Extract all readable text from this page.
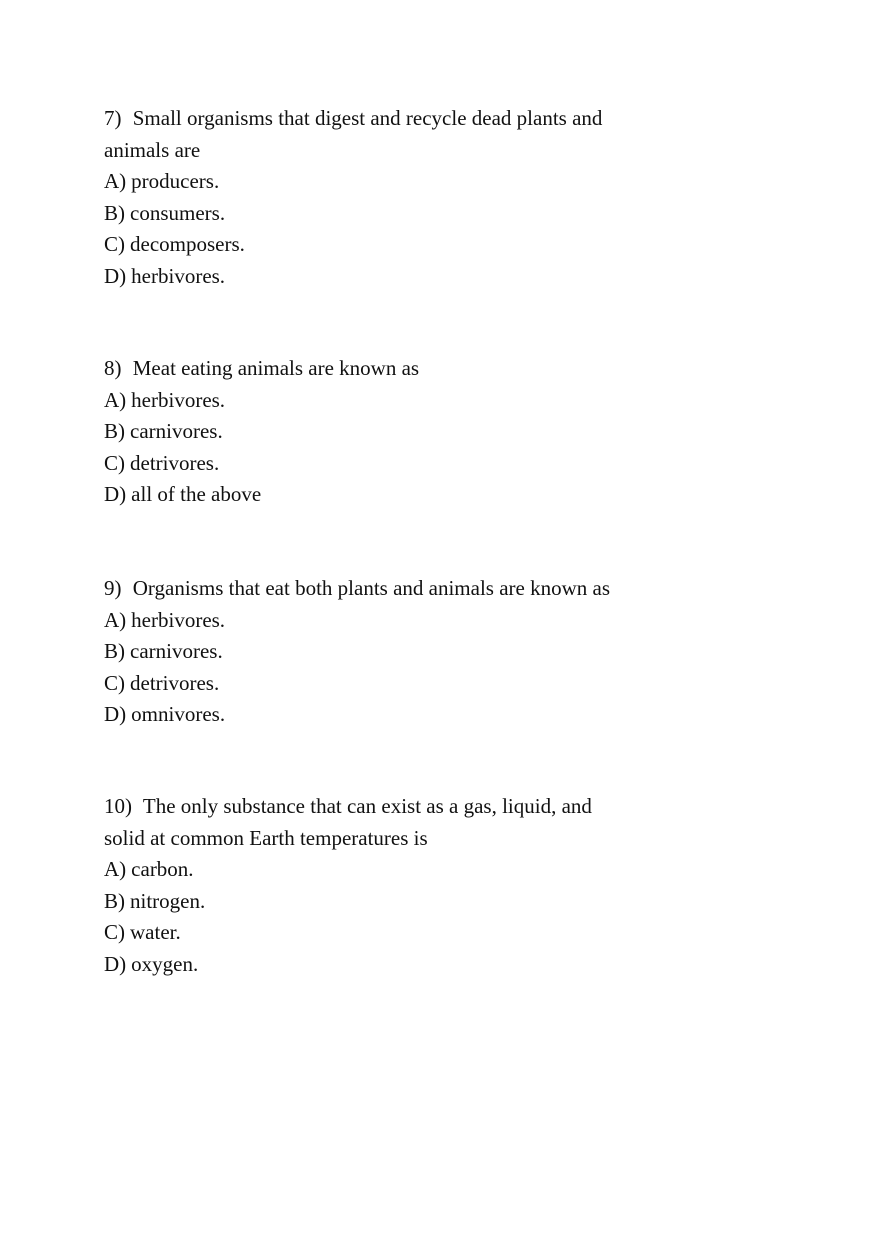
7) Small organisms that digest and recycle dead plants and
animals are

A) producers.
B) consumers.
C) decomposers.
D) herbivores.

8) Meat eating animals are known as

A) herbivores.
B) carnivores.
C) detrivores.
D) all of the above

9) Organisms that eat both plants and animals are known as

A) herbivores.
B) carnivores.
C) detrivores.
D) omnivores.

10) The only substance that can exist as a gas, liquid, and
solid at common Earth temperatures is

A) carbon.
B) nitrogen.
C) water.
D) oxygen.
